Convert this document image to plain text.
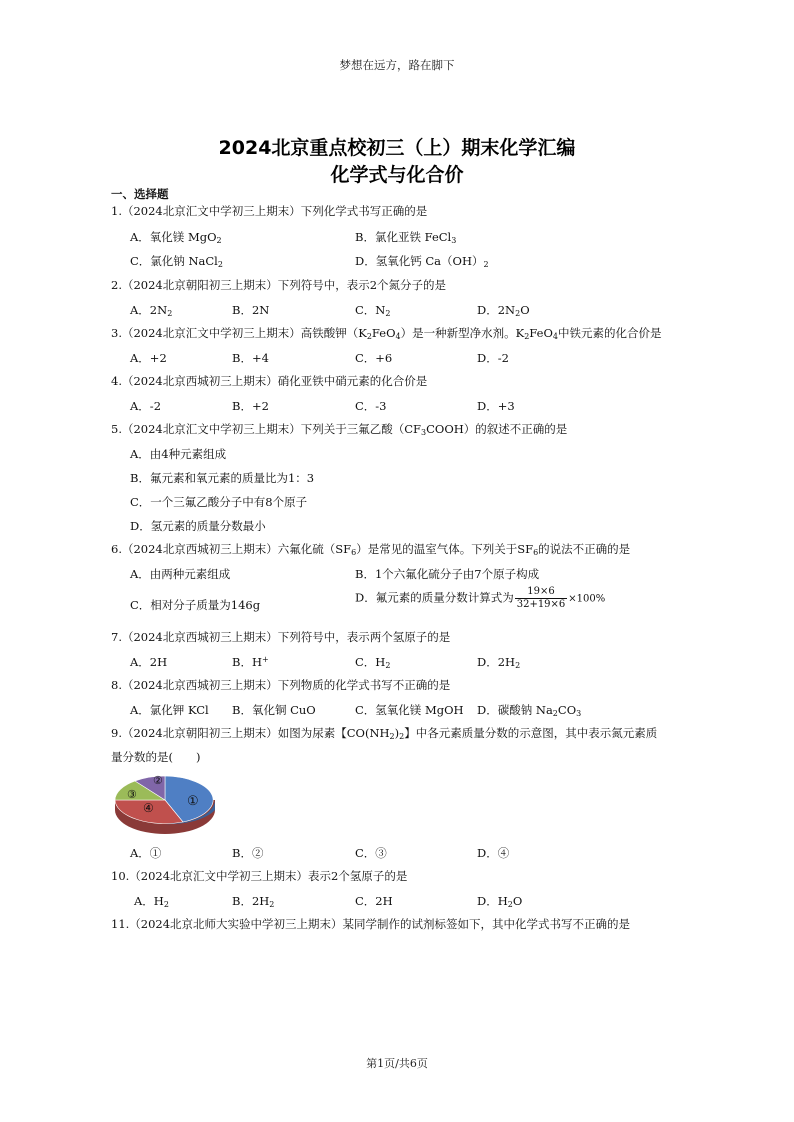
梦想在远方，路在脚下
2024北京重点校初三（上）期末化学汇编
化学式与化合价
一、选择题
1.（2024北京汇文中学初三上期末）下列化学式书写正确的是
A．氧化镁 MgO$_2$	B．氯化亚铁 FeCl$_3$
C．氯化钠 NaCl$_2$	D．氢氧化钙 $Ca(OH)_2$
2.（2024北京朝阳初三上期末）下列符号中，表示2个氮分子的是
A．$2N_2$	B．2N	C．$N_2$	D．$2N_2O$
3.（2024北京汇文中学初三上期末）高铁酸钾$(K_2FeO_4)$是一种新型净水剂。$K_2FeO_4$中铁元素的化合价是
A．+2	B．+4	C．+6	D．-2
4.（2024北京西城初三上期末）硝化亚铁中硝元素的化合价是
A．-2	B．+2	C．-3	D．+3
5.（2024北京汇文中学初三上期末）下列关于三氟乙酸$(CF_3COOH)$的叙述不正确的是
A．由4种元素组成
B．氟元素和氧元素的质量比为1：3
C．一个三氟乙酸分子中有8个原子
D．氢元素的质量分数最小
6.（2024北京西城初三上期末）六氟化硫$(SF_6)$是常见的温室气体。下列关于$SF_6$的说法不正确的是
A．由两种元素组成	B．1个六氟化硫分子由7个原子构成
C．相对分子质量为146g
D．氟元素的质量分数计算式为 $\frac{19\times 6}{32+19\times 6} \times 100\%$
7.（2024北京西城初三上期末）下列符号中，表示两个氢原子的是
A．2H	B．H+	C．$H_2$	D．$2H_2$
8.（2024北京西城初三上期末）下列物质的化学式书写不正确的是
A．氯化钾 KCl B．氧化铜 CuO	C．氢氧化镁 MgOH D．碳酸钠 $Na_2CO_3$
9.（2024北京朝阳初三上期末）如图为尿素【$CO(NH_2)_2$】中各元素质量分数的示意图，其中表示氮元素质
量分数的是(　　)
①
②
③
④
A．①	B．②	C．③	D．④
10.（2024北京汇文中学初三上期末）表示2个氢原子的是
A．$H_2$	B．$2H_2$	C．2H	D．$H_2O$
11.（2024北京北师大实验中学初三上期末）某同学制作的试剂标签如下，其中化学式书写不正确的是
第1页/共6页
